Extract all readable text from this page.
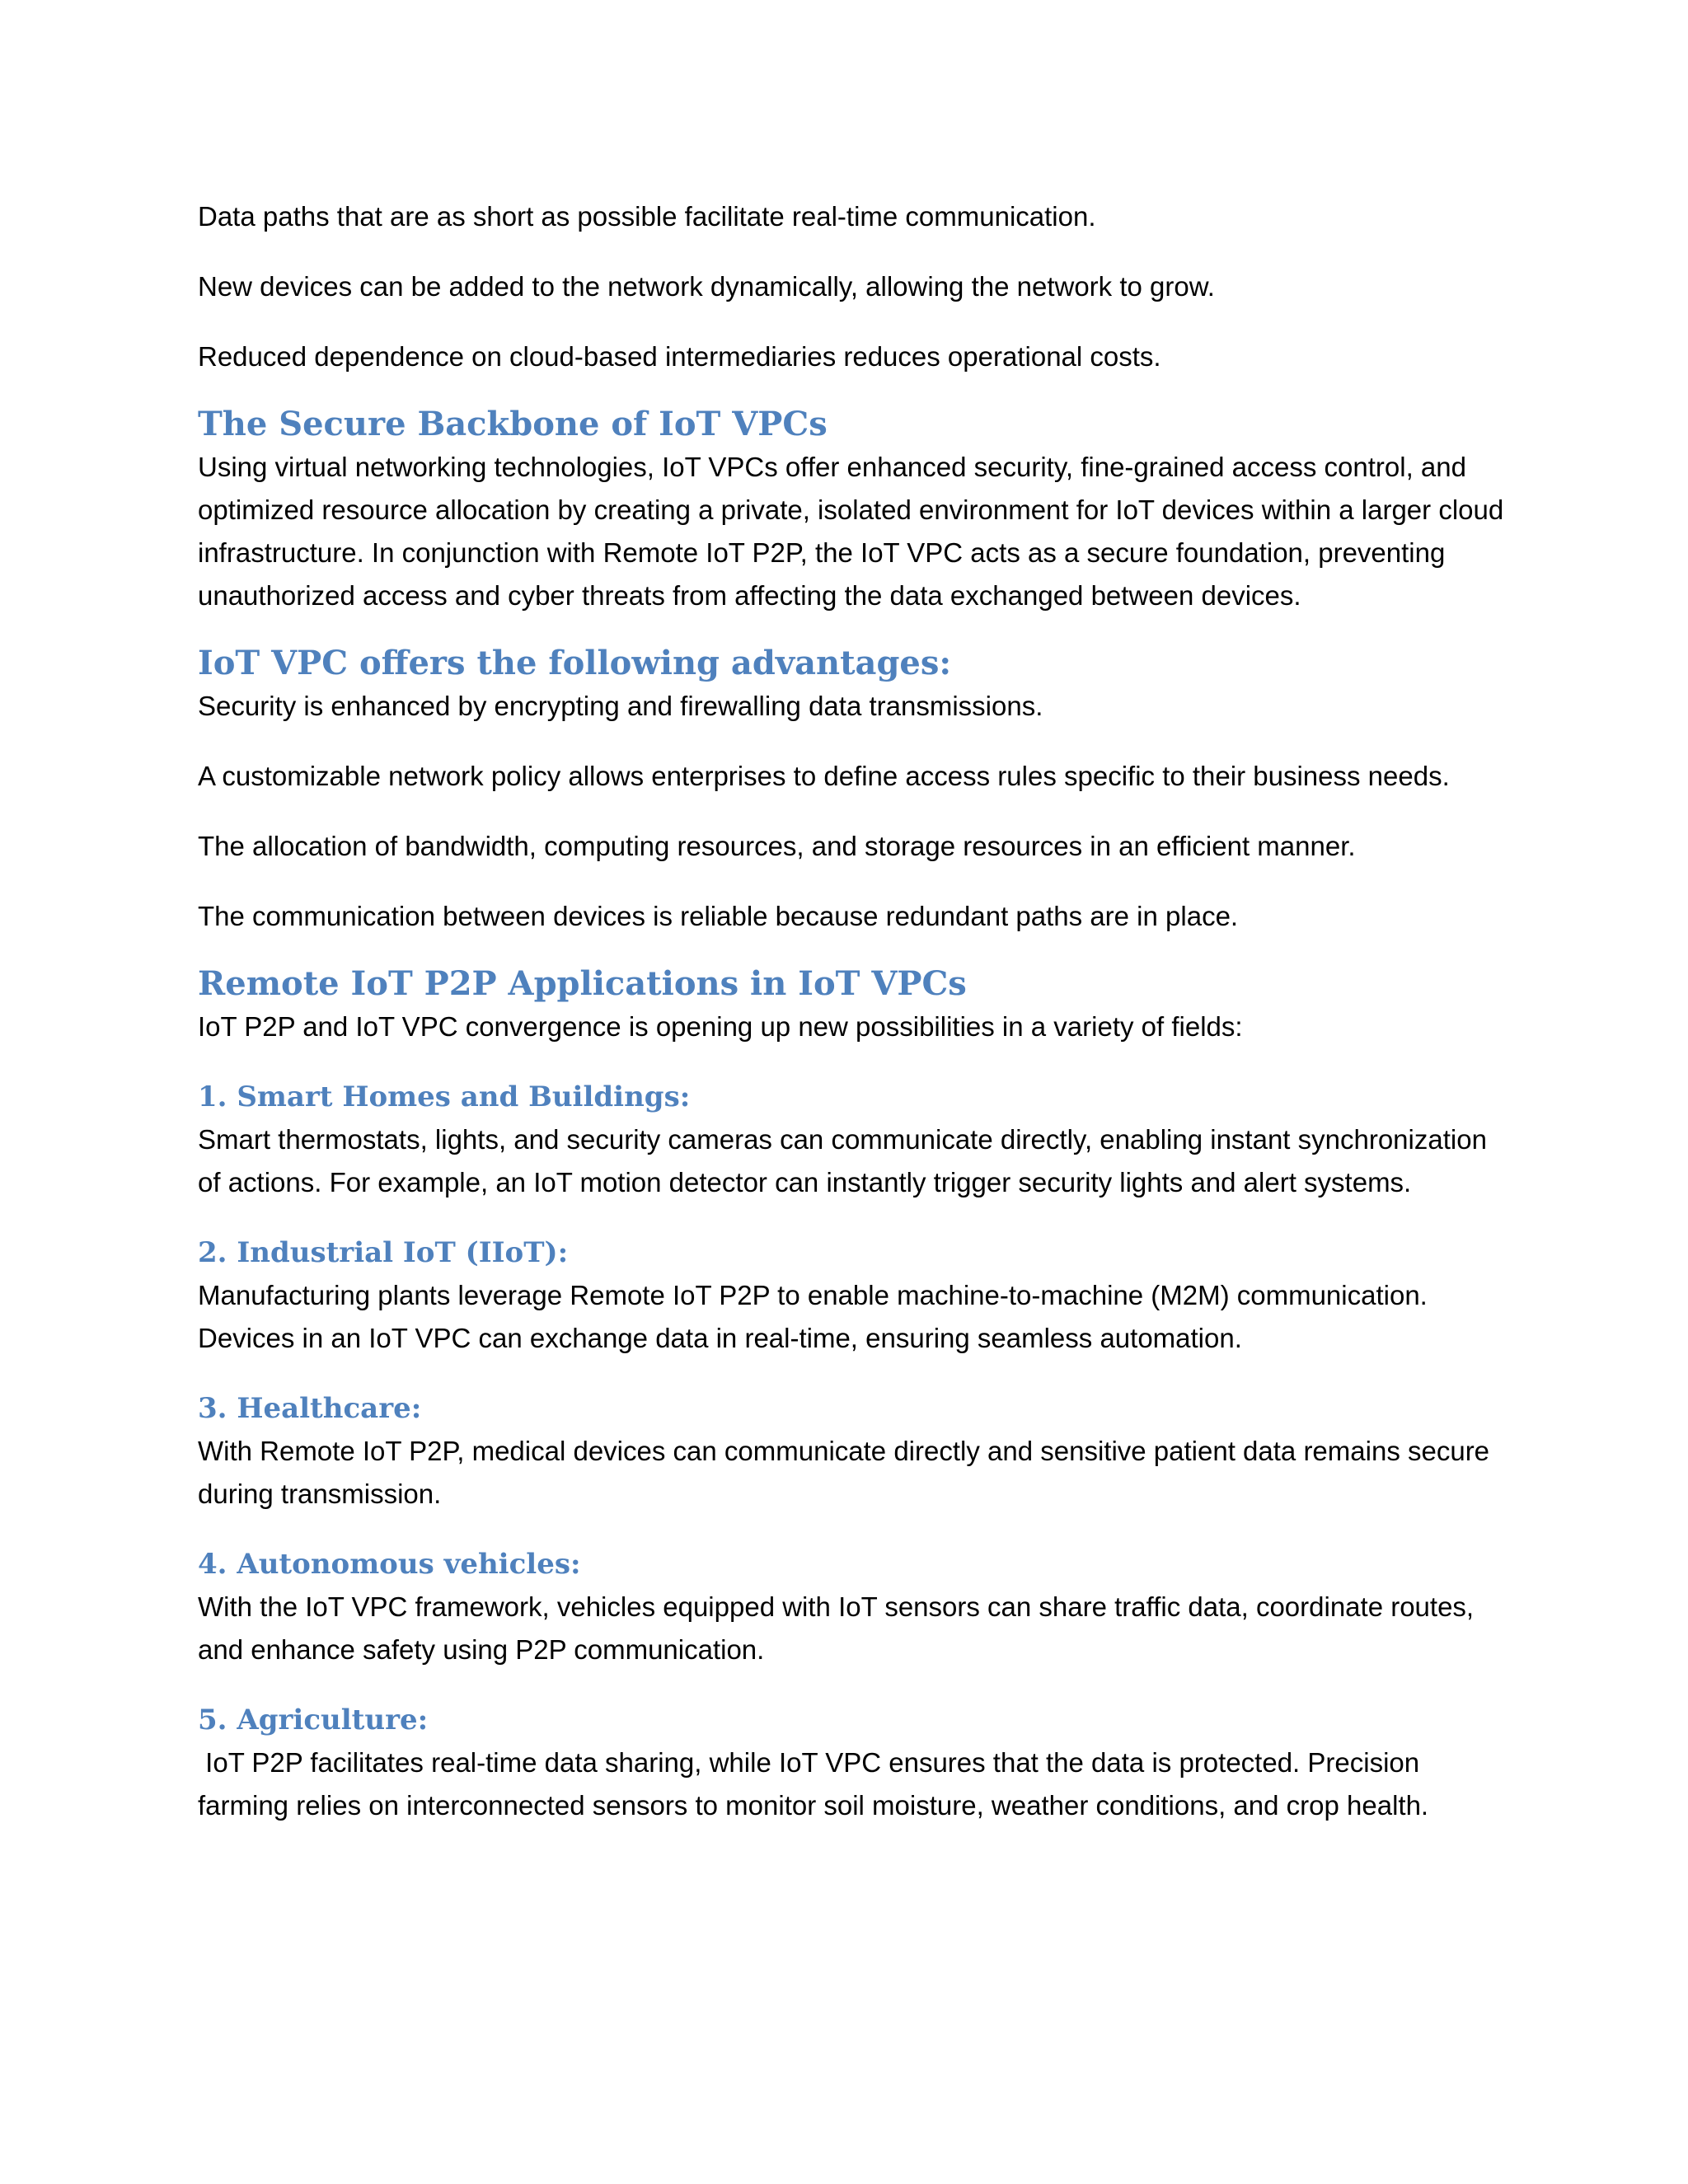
Data paths that are as short as possible facilitate real-time communication.

New devices can be added to the network dynamically, allowing the network to grow.

Reduced dependence on cloud-based intermediaries reduces operational costs.

The Secure Backbone of IoT VPCs

Using virtual networking technologies, IoT VPCs offer enhanced security, fine-grained access control, and optimized resource allocation by creating a private, isolated environment for IoT devices within a larger cloud infrastructure. In conjunction with Remote IoT P2P, the IoT VPC acts as a secure foundation, preventing unauthorized access and cyber threats from affecting the data exchanged between devices.

IoT VPC offers the following advantages:

Security is enhanced by encrypting and firewalling data transmissions.

A customizable network policy allows enterprises to define access rules specific to their business needs.

The allocation of bandwidth, computing resources, and storage resources in an efficient manner.

The communication between devices is reliable because redundant paths are in place.

Remote IoT P2P Applications in IoT VPCs

IoT P2P and IoT VPC convergence is opening up new possibilities in a variety of fields:

1. Smart Homes and Buildings:

Smart thermostats, lights, and security cameras can communicate directly, enabling instant synchronization of actions. For example, an IoT motion detector can instantly trigger security lights and alert systems.

2. Industrial IoT (IIoT):

Manufacturing plants leverage Remote IoT P2P to enable machine-to-machine (M2M) communication. Devices in an IoT VPC can exchange data in real-time, ensuring seamless automation.

3. Healthcare:

With Remote IoT P2P, medical devices can communicate directly and sensitive patient data remains secure during transmission.

4. Autonomous vehicles:

With the IoT VPC framework, vehicles equipped with IoT sensors can share traffic data, coordinate routes, and enhance safety using P2P communication.

5. Agriculture:

IoT P2P facilitates real-time data sharing, while IoT VPC ensures that the data is protected. Precision farming relies on interconnected sensors to monitor soil moisture, weather conditions, and crop health.
